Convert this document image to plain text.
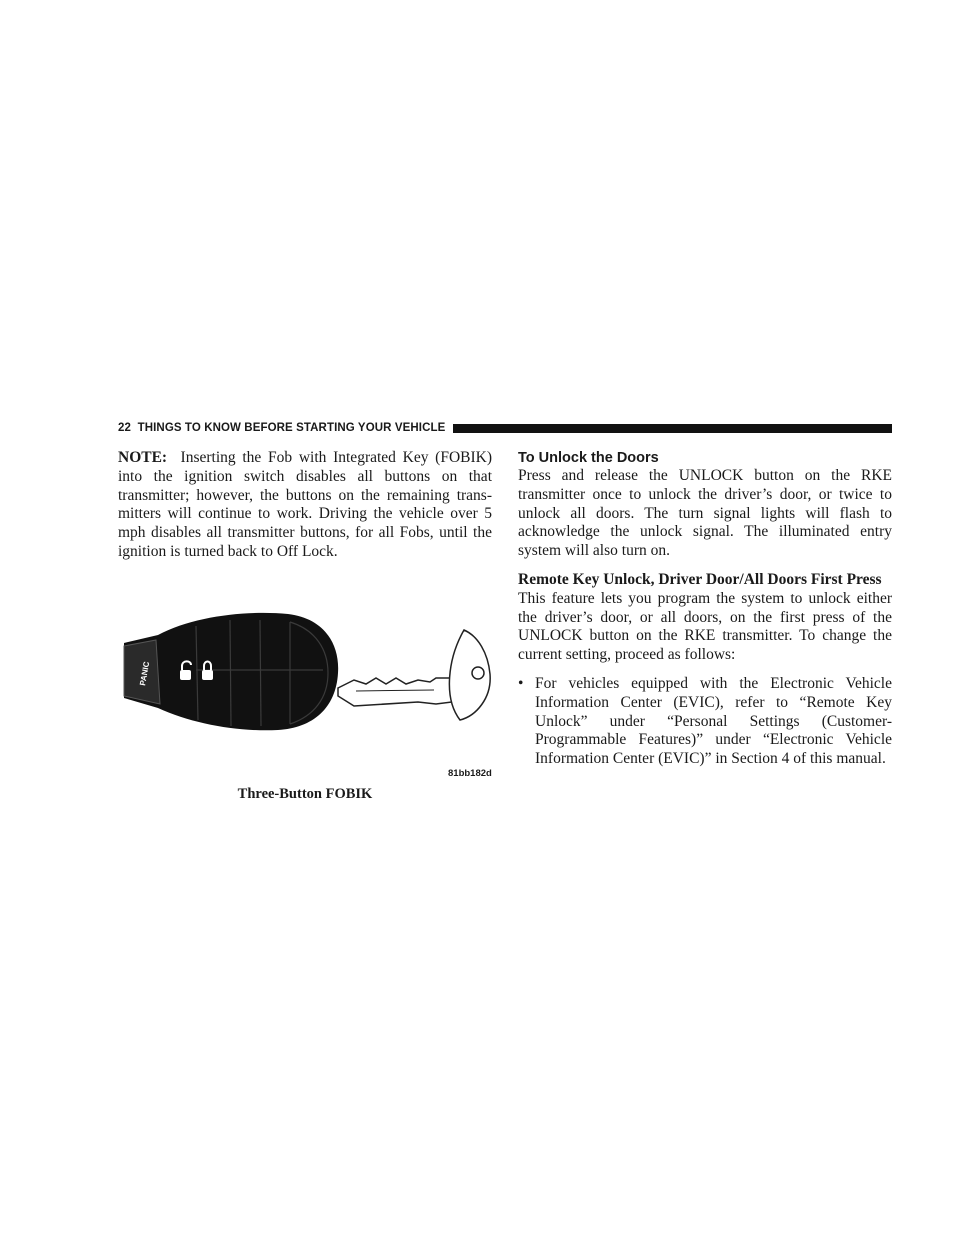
22 THINGS TO KNOW BEFORE STARTING YOUR VEHICLE

NOTE: Inserting the Fob with Integrated Key (FOBIK) into the ignition switch disables all buttons on that transmitter; however, the buttons on the remaining trans-mitters will continue to work. Driving the vehicle over 5 mph disables all transmitter buttons, for all Fobs, until the ignition is turned back to Off Lock.

PANIC
81bb182d
Three-Button FOBIK
To Unlock the Doors

Press and release the UNLOCK button on the RKE transmitter once to unlock the driver’s door, or twice to unlock all doors. The turn signal lights will flash to acknowledge the unlock signal. The illuminated entry system will also turn on.

Remote Key Unlock, Driver Door/All Doors First Press

This feature lets you program the system to unlock either the driver’s door, or all doors, on the first press of the UNLOCK button on the RKE transmitter. To change the current setting, proceed as follows:

• For vehicles equipped with the Electronic Vehicle Information Center (EVIC), refer to “Remote Key Unlock” under “Personal Settings (Customer-Programmable Features)” under “Electronic Vehicle Information Center (EVIC)” in Section 4 of this manual.
